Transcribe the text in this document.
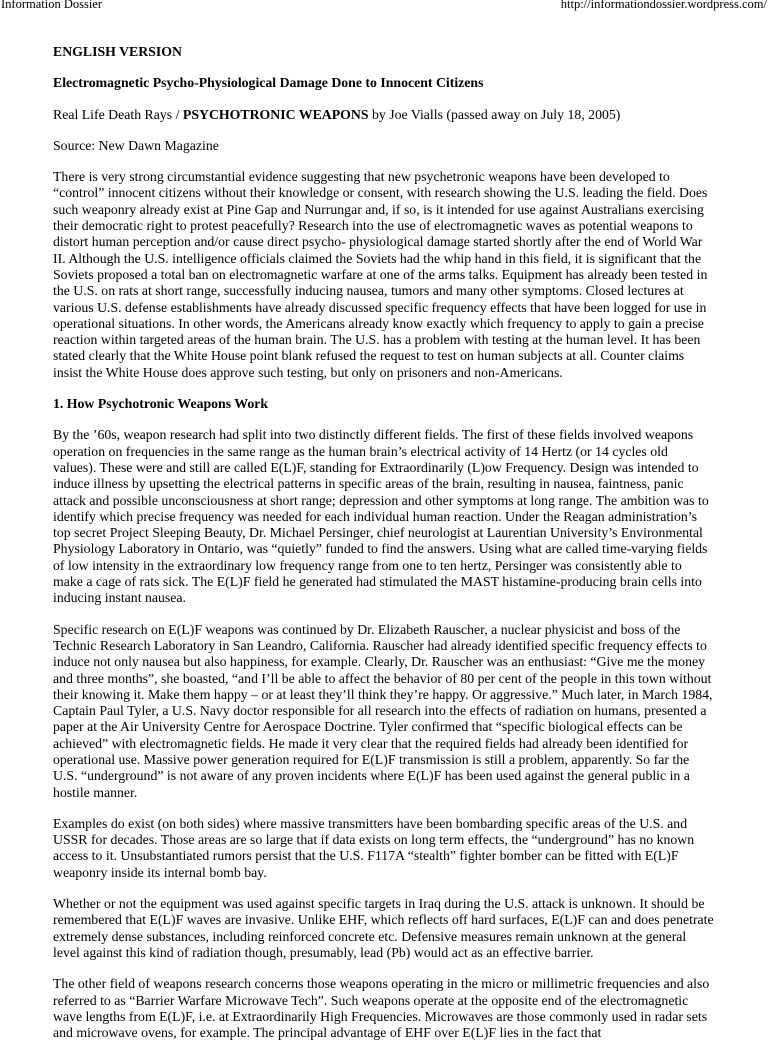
Information Dossier	http://informationdossier.wordpress.com/

ENGLISH VERSION

Electromagnetic Psycho-Physiological Damage Done to Innocent Citizens

Real Life Death Rays / PSYCHOTRONIC WEAPONS by Joe Vialls (passed away on July 18, 2005)

Source: New Dawn Magazine

There is very strong circumstantial evidence suggesting that new psychetronic weapons have been developed to “control” innocent citizens without their knowledge or consent, with research showing the U.S. leading the field. Does such weaponry already exist at Pine Gap and Nurrungar and, if so, is it intended for use against Australians exercising their democratic right to protest peacefully? Research into the use of electromagnetic waves as potential weapons to distort human perception and/or cause direct psycho- physiological damage started shortly after the end of World War II. Although the U.S. intelligence officials claimed the Soviets had the whip hand in this field, it is significant that the Soviets proposed a total ban on electromagnetic warfare at one of the arms talks. Equipment has already been tested in the U.S. on rats at short range, successfully inducing nausea, tumors and many other symptoms. Closed lectures at various U.S. defense establishments have already discussed specific frequency effects that have been logged for use in operational situations. In other words, the Americans already know exactly which frequency to apply to gain a precise reaction within targeted areas of the human brain. The U.S. has a problem with testing at the human level. It has been stated clearly that the White House point blank refused the request to test on human subjects at all. Counter claims insist the White House does approve such testing, but only on prisoners and non-Americans.

1. How Psychotronic Weapons Work

By the ’60s, weapon research had split into two distinctly different fields. The first of these fields involved weapons operation on frequencies in the same range as the human brain’s electrical activity of 14 Hertz (or 14 cycles old values). These were and still are called E(L)F, standing for Extraordinarily (L)ow Frequency. Design was intended to induce illness by upsetting the electrical patterns in specific areas of the brain, resulting in nausea, faintness, panic attack and possible unconsciousness at short range; depression and other symptoms at long range. The ambition was to identify which precise frequency was needed for each individual human reaction. Under the Reagan administration’s top secret Project Sleeping Beauty, Dr. Michael Persinger, chief neurologist at Laurentian University’s Environmental Physiology Laboratory in Ontario, was “quietly” funded to find the answers. Using what are called time-varying fields of low intensity in the extraordinary low frequency range from one to ten hertz, Persinger was consistently able to make a cage of rats sick. The E(L)F field he generated had stimulated the MAST histamine-producing brain cells into inducing instant nausea.

Specific research on E(L)F weapons was continued by Dr. Elizabeth Rauscher, a nuclear physicist and boss of the Technic Research Laboratory in San Leandro, California. Rauscher had already identified specific frequency effects to induce not only nausea but also happiness, for example. Clearly, Dr. Rauscher was an enthusiast: “Give me the money and three months”, she boasted, “and I’ll be able to affect the behavior of 80 per cent of the people in this town without their knowing it. Make them happy – or at least they’ll think they’re happy. Or aggressive.” Much later, in March 1984, Captain Paul Tyler, a U.S. Navy doctor responsible for all research into the effects of radiation on humans, presented a paper at the Air University Centre for Aerospace Doctrine. Tyler confirmed that “specific biological effects can be achieved” with electromagnetic fields. He made it very clear that the required fields had already been identified for operational use. Massive power generation required for E(L)F transmission is still a problem, apparently. So far the U.S. “underground” is not aware of any proven incidents where E(L)F has been used against the general public in a hostile manner.

Examples do exist (on both sides) where massive transmitters have been bombarding specific areas of the U.S. and USSR for decades. Those areas are so large that if data exists on long term effects, the “underground” has no known access to it. Unsubstantiated rumors persist that the U.S. F117A “stealth” fighter bomber can be fitted with E(L)F weaponry inside its internal bomb bay.

Whether or not the equipment was used against specific targets in Iraq during the U.S. attack is unknown. It should be remembered that E(L)F waves are invasive. Unlike EHF, which reflects off hard surfaces, E(L)F can and does penetrate extremely dense substances, including reinforced concrete etc. Defensive measures remain unknown at the general level against this kind of radiation though, presumably, lead (Pb) would act as an effective barrier.

The other field of weapons research concerns those weapons operating in the micro or millimetric frequencies and also referred to as “Barrier Warfare Microwave Tech”. Such weapons operate at the opposite end of the electromagnetic wave lengths from E(L)F, i.e. at Extraordinarily High Frequencies. Microwaves are those commonly used in radar sets and microwave ovens, for example. The principal advantage of EHF over E(L)F lies in the fact that
